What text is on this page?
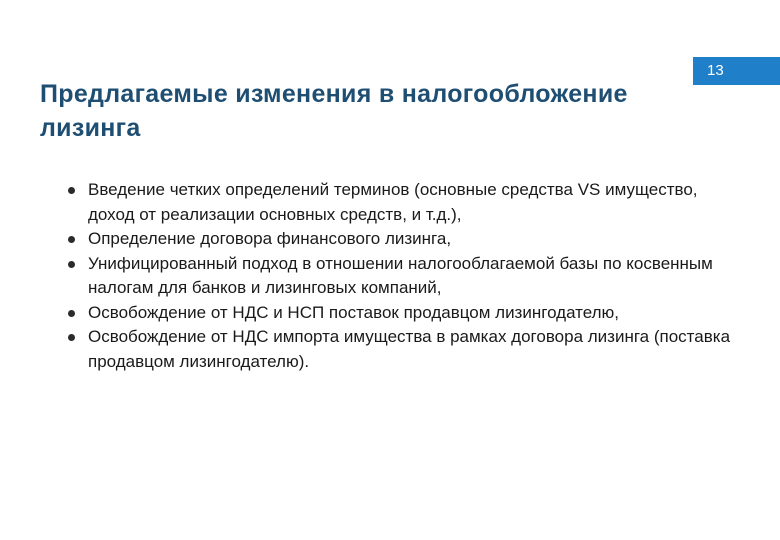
13
Предлагаемые изменения в налогообложение лизинга
Введение четких определений терминов (основные средства VS имущество, доход от реализации основных средств, и т.д.),
Определение договора финансового лизинга,
Унифицированный подход в отношении налогооблагаемой базы по косвенным налогам для банков и лизинговых компаний,
Освобождение от НДС и НСП поставок продавцом лизингодателю,
Освобождение от НДС импорта имущества в рамках договора лизинга (поставка продавцом лизингодателю).
